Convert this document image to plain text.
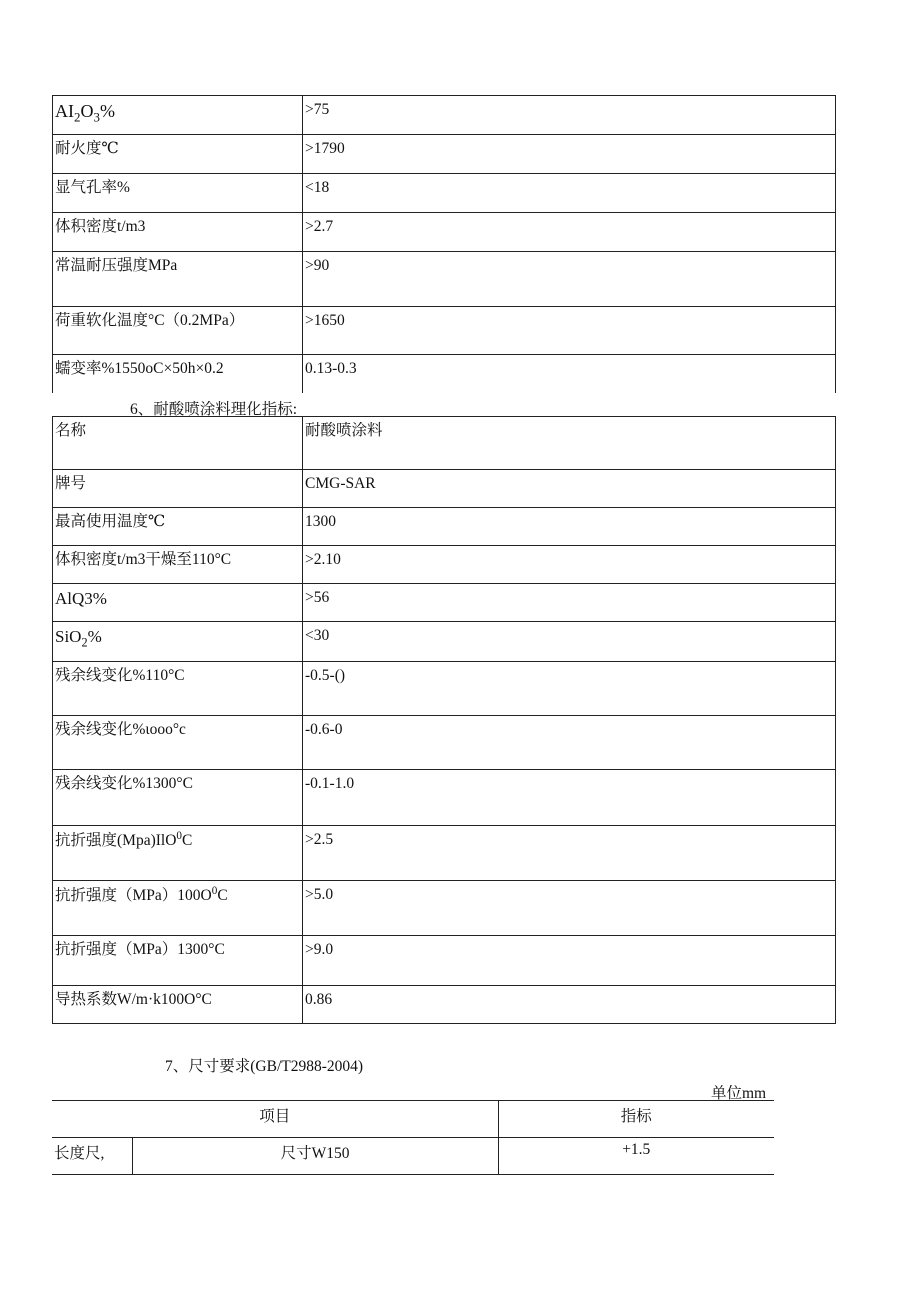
$AI_2O_3\%$	>75
耐火度℃	>1790
显气孔率%	<18
体积密度t/m3	>2.7
常温耐压强度MPa	>90
荷重软化温度°C（0.2MPa）	>1650
蠕变率%1550oC×50h×0.2	0.13-0.3
6、耐酸喷涂料理化指标:
名称	耐酸喷涂料
牌号	CMG-SAR
最高使用温度℃	1300
体积密度t/m3干燥至110°C	>2.10
AlQ3%	>56
SiO$_2$%	<30
残余线变化%110°C	-0.5-()
残余线变化%ιooo°c	-0.6-0
残余线变化%1300°C	-0.1-1.0
抗折强度(Mpa)IlO$^0$C	>2.5
抗折强度$(MPa)100O^0C$	>5.0
抗折强度（MPa）1300°C	>9.0
导热系数W/m·k100O°C	0.86
7、尺寸要求(GB/T2988-2004)
单位mm
项目		指标
长度尺,	尺寸W150	+1.5
